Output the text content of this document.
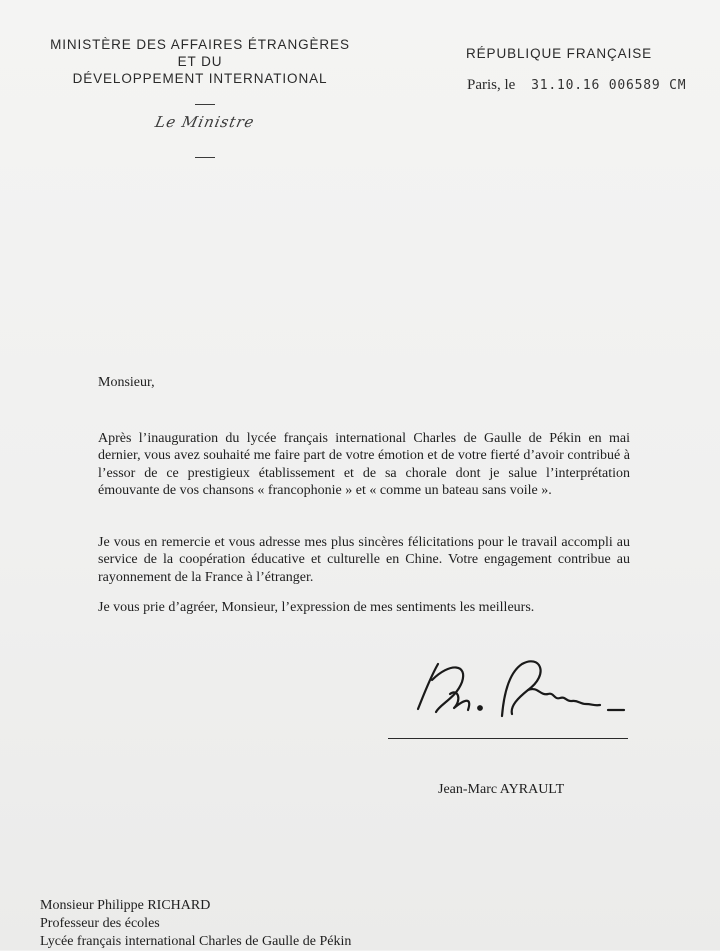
MINISTÈRE DES AFFAIRES ÉTRANGÈRES
ET DU
DÉVELOPPEMENT INTERNATIONAL
Le Ministre
RÉPUBLIQUE FRANÇAISE
Paris, le 31.10.16 006589 CM
Monsieur,

Après l’inauguration du lycée français international Charles de Gaulle de Pékin en mai dernier, vous avez souhaité me faire part de votre émotion et de votre fierté d’avoir contribué à l’essor de ce prestigieux établissement et de sa chorale dont je salue l’interprétation émouvante de vos chansons « francophonie » et « comme un bateau sans voile ».

Je vous en remercie et vous adresse mes plus sincères félicitations pour le travail accompli au service de la coopération éducative et culturelle en Chine. Votre engagement contribue au rayonnement de la France à l’étranger.

Je vous prie d’agréer, Monsieur, l’expression de mes sentiments les meilleurs.

Jean-Marc AYRAULT
Monsieur Philippe RICHARD
Professeur des écoles
Lycée français international Charles de Gaulle de Pékin
